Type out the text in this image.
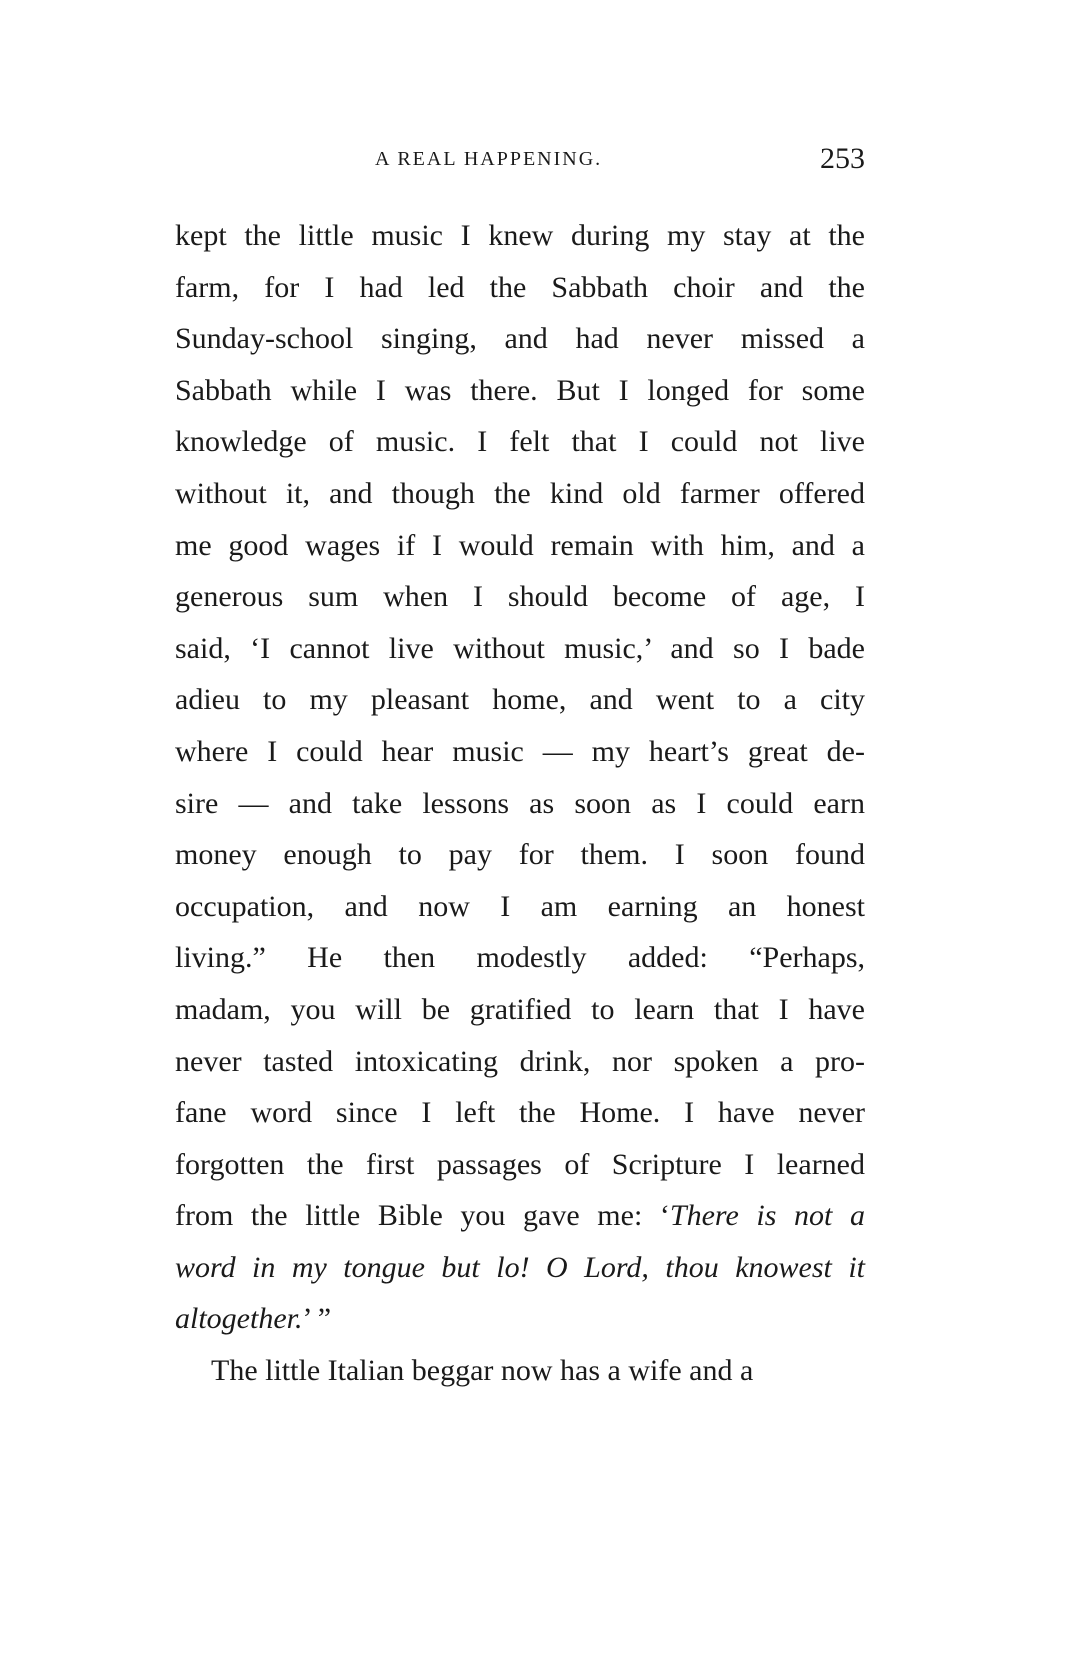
A REAL HAPPENING.	253
kept the little music I knew during my stay at the
farm, for I had led the Sabbath choir and the
Sunday-school singing, and had never missed a
Sabbath while I was there. But I longed for some
knowledge of music. I felt that I could not live
without it, and though the kind old farmer offered
me good wages if I would remain with him, and a
generous sum when I should become of age, I
said, ‘I cannot live without music,’ and so I bade
adieu to my pleasant home, and went to a city
where I could hear music — my heart’s great de-
sire — and take lessons as soon as I could earn
money enough to pay for them. I soon found
occupation, and now I am earning an honest
living.” He then modestly added: “Perhaps,
madam, you will be gratified to learn that I have
never tasted intoxicating drink, nor spoken a pro-
fane word since I left the Home. I have never
forgotten the first passages of Scripture I learned
from the little Bible you gave me: ‘There is not a
word in my tongue but lo! O Lord, thou knowest it
altogether.’ ”
The little Italian beggar now has a wife and a
